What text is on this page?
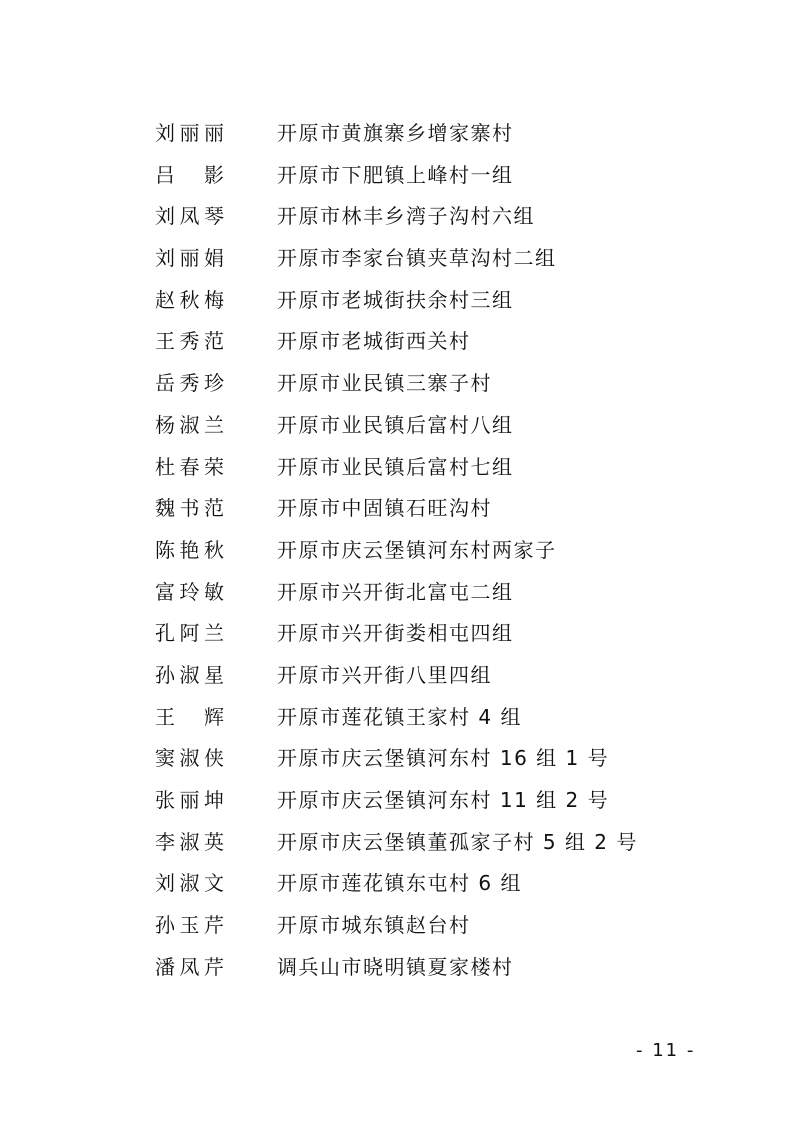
刘丽丽	开原市黄旗寨乡增家寨村
吕 影	开原市下肥镇上峰村一组
刘凤琴	开原市林丰乡湾子沟村六组
刘丽娟	开原市李家台镇夹草沟村二组
赵秋梅	开原市老城街扶余村三组
王秀范	开原市老城街西关村
岳秀珍	开原市业民镇三寨子村
杨淑兰	开原市业民镇后富村八组
杜春荣	开原市业民镇后富村七组
魏书范	开原市中固镇石旺沟村
陈艳秋	开原市庆云堡镇河东村两家子
富玲敏	开原市兴开街北富屯二组
孔阿兰	开原市兴开街娄相屯四组
孙淑星	开原市兴开街八里四组
王 辉	开原市莲花镇王家村 4 组
窦淑侠	开原市庆云堡镇河东村 16 组 1 号
张丽坤	开原市庆云堡镇河东村 11 组 2 号
李淑英	开原市庆云堡镇董孤家子村 5 组 2 号
刘淑文	开原市莲花镇东屯村 6 组
孙玉芹	开原市城东镇赵台村
潘凤芹	调兵山市晓明镇夏家楼村
- 11 -
